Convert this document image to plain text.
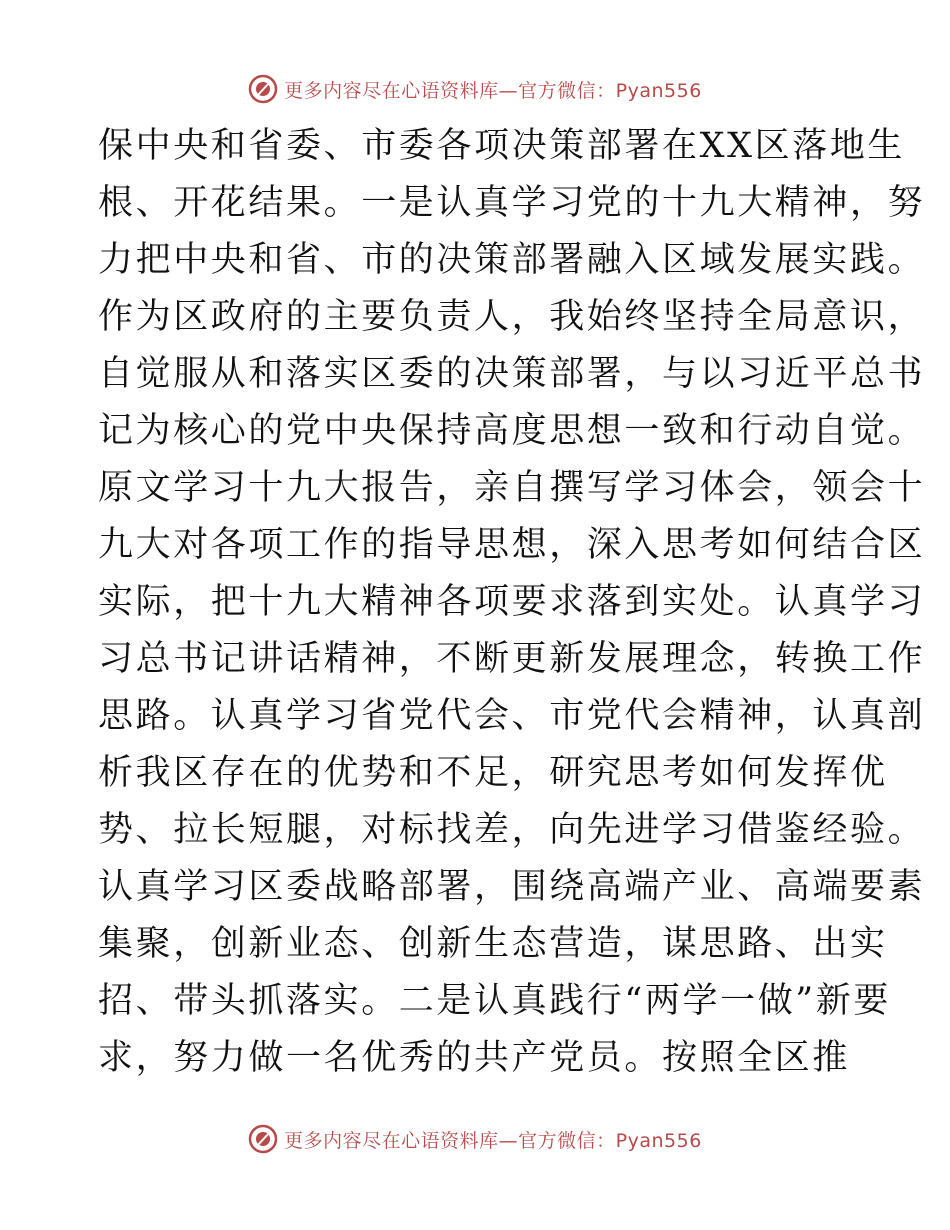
更多内容尽在心语资料库—官方微信：Pyan556
保中央和省委、市委各项决策部署在XX区落地生
根、开花结果。一是认真学习党的十九大精神，努
力把中央和省、市的决策部署融入区域发展实践。
作为区政府的主要负责人，我始终坚持全局意识，
自觉服从和落实区委的决策部署，与以习近平总书
记为核心的党中央保持高度思想一致和行动自觉。
原文学习十九大报告，亲自撰写学习体会，领会十
九大对各项工作的指导思想，深入思考如何结合区
实际，把十九大精神各项要求落到实处。认真学习
习总书记讲话精神，不断更新发展理念，转换工作
思路。认真学习省党代会、市党代会精神，认真剖
析我区存在的优势和不足，研究思考如何发挥优
势、拉长短腿，对标找差，向先进学习借鉴经验。
认真学习区委战略部署，围绕高端产业、高端要素
集聚，创新业态、创新生态营造，谋思路、出实
招、带头抓落实。二是认真践行“两学一做”新要
求，努力做一名优秀的共产党员。按照全区推
更多内容尽在心语资料库—官方微信：Pyan556
